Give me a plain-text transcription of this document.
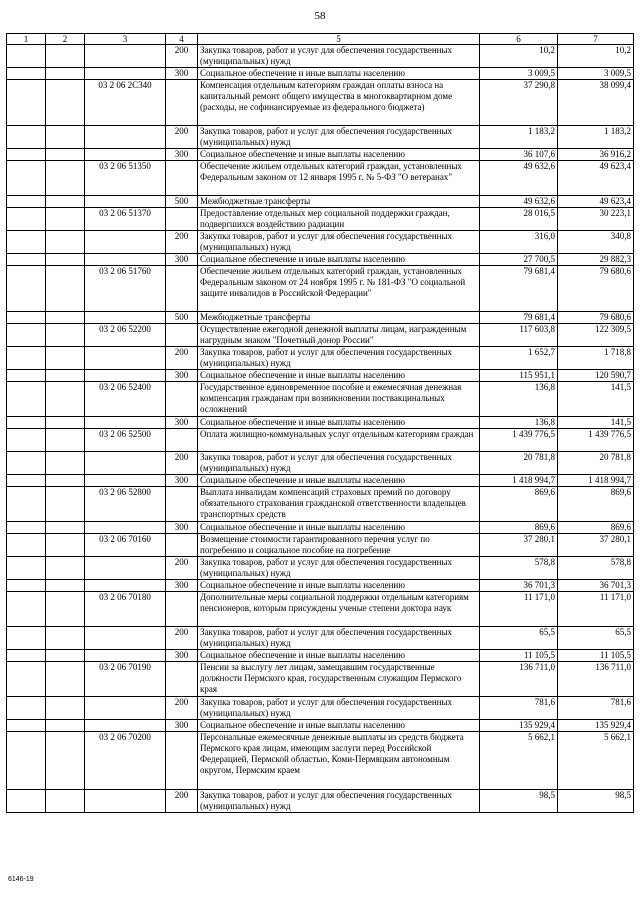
58
1	2	3	4	5	6	7
			200	Закупка товаров, работ и услуг для обеспечения государственных (муниципальных) нужд	10,2	10,2
			300	Социальное обеспечение и иные выплаты населению	3 009,5	3 009,5
		03 2 06 2С340		Компенсация отдельным категориям граждан оплаты взноса на капитальный ремонт общего имущества в многоквартирном доме (расходы, не софинансируемые из федерального бюджета)	37 290,8	38 099,4
			200	Закупка товаров, работ и услуг для обеспечения государственных (муниципальных) нужд	1 183,2	1 183,2
			300	Социальное обеспечение и иные выплаты населению	36 107,6	36 916,2
		03 2 06 51350		Обеспечение жильем отдельных категорий граждан, установленных Федеральным законом от 12 января 1995 г. № 5-ФЗ "О ветеранах"	49 632,6	49 623,4
			500	Межбюджетные трансферты	49 632,6	49 623,4
		03 2 06 51370		Предоставление отдельных мер социальной поддержки граждан, подвергшихся воздействию радиации	28 016,5	30 223,1
			200	Закупка товаров, работ и услуг для обеспечения государственных (муниципальных) нужд	316,0	340,8
			300	Социальное обеспечение и иные выплаты населению	27 700,5	29 882,3
		03 2 06 51760		Обеспечение жильем отдельных категорий граждан, установленных Федеральным законом от 24 ноября 1995 г. № 181-ФЗ "О социальной защите инвалидов в Российской Федерации"	79 681,4	79 680,6
			500	Межбюджетные трансферты	79 681,4	79 680,6
		03 2 06 52200		Осуществление ежегодной денежной выплаты лицам, награжденным нагрудным знаком "Почетный донор России"	117 603,8	122 309,5
			200	Закупка товаров, работ и услуг для обеспечения государственных (муниципальных) нужд	1 652,7	1 718,8
			300	Социальное обеспечение и иные выплаты населению	115 951,1	120 590,7
		03 2 06 52400		Государственное единовременное пособие и ежемесячная денежная компенсация гражданам при возникновении поствакцинальных осложнений	136,8	141,5
			300	Социальное обеспечение и иные выплаты населению	136,8	141,5
		03 2 06 52500		Оплата жилищно-коммунальных услуг отдельным категориям граждан	1 439 776,5	1 439 776,5
			200	Закупка товаров, работ и услуг для обеспечения государственных (муниципальных) нужд	20 781,8	20 781,8
			300	Социальное обеспечение и иные выплаты населению	1 418 994,7	1 418 994,7
		03 2 06 52800		Выплата инвалидам компенсаций страховых премий по договору обязательного страхования гражданской ответственности владельцев транспортных средств	869,6	869,6
			300	Социальное обеспечение и иные выплаты населению	869,6	869,6
		03 2 06 70160		Возмещение стоимости гарантированного перечня услуг по погребению и социальное пособие на погребение	37 280,1	37 280,1
			200	Закупка товаров, работ и услуг для обеспечения государственных (муниципальных) нужд	578,8	578,8
			300	Социальное обеспечение и иные выплаты населению	36 701,3	36 701,3
		03 2 06 70180		Дополнительные меры социальной поддержки отдельным категориям пенсионеров, которым присуждены ученые степени доктора наук	11 171,0	11 171,0
			200	Закупка товаров, работ и услуг для обеспечения государственных (муниципальных) нужд	65,5	65,5
			300	Социальное обеспечение и иные выплаты населению	11 105,5	11 105,5
		03 2 06 70190		Пенсии за выслугу лет лицам, замещавшим государственные должности Пермского края, государственным служащим Пермского края	136 711,0	136 711,0
			200	Закупка товаров, работ и услуг для обеспечения государственных (муниципальных) нужд	781,6	781,6
			300	Социальное обеспечение и иные выплаты населению	135 929,4	135 929,4
		03 2 06 70200		Персональные ежемесячные денежные выплаты из средств бюджета Пермского края лицам, имеющим заслуги перед Российской Федерацией, Пермской областью, Коми-Пермяцким автономным округом, Пермским краем	5 662,1	5 662,1
			200	Закупка товаров, работ и услуг для обеспечения государственных (муниципальных) нужд	98,5	98,5
6146-19
